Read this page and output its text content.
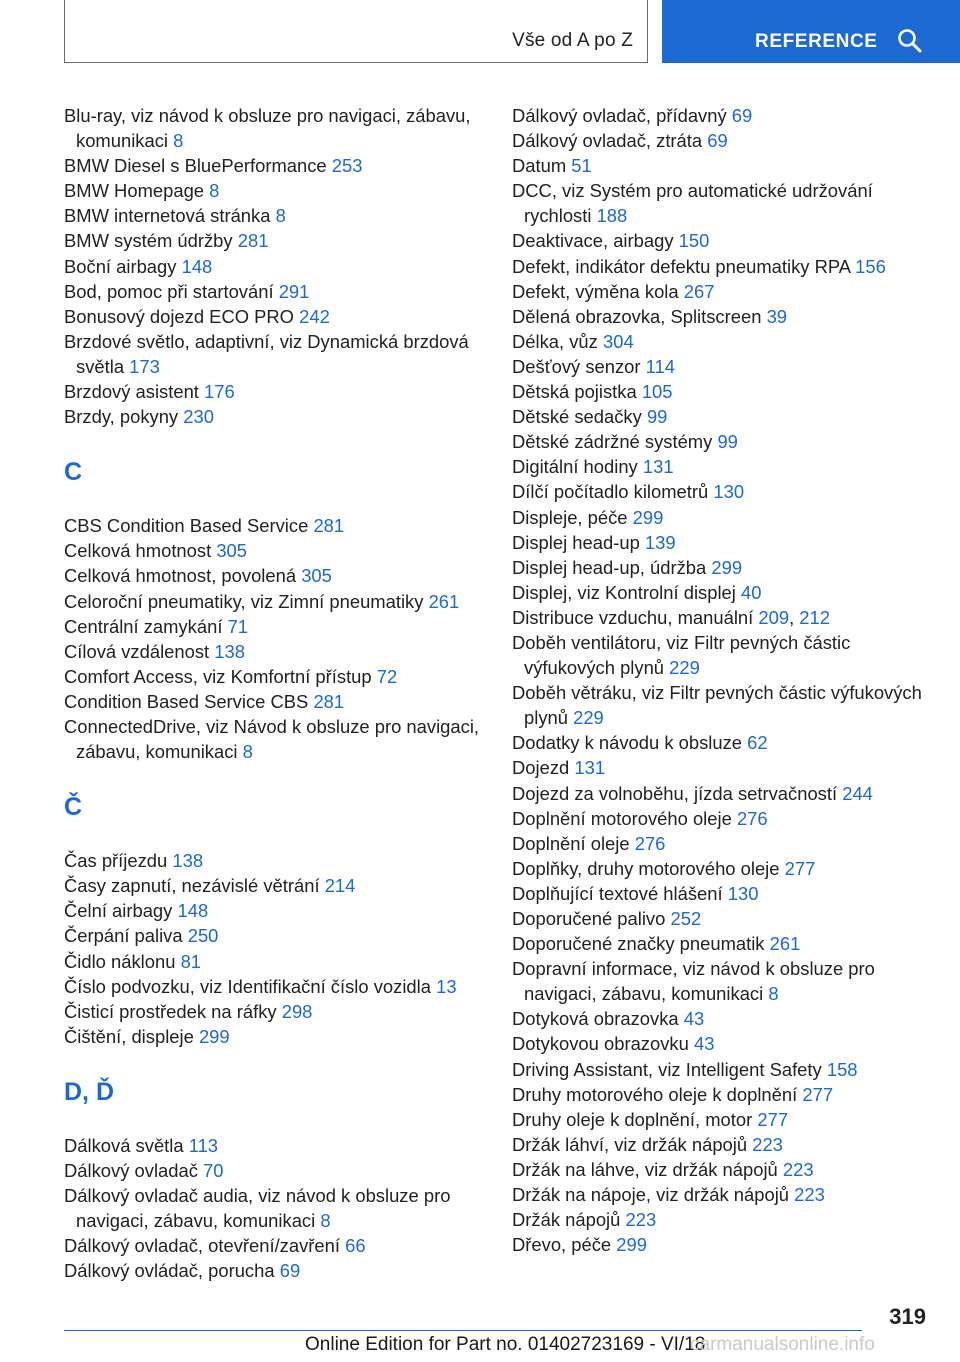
Vše od A po Z	REFERENCE
Blu-ray, viz návod k obsluze pro navigaci, zábavu, komunikaci 8
BMW Diesel s BluePerformance 253
BMW Homepage 8
BMW internetová stránka 8
BMW systém údržby 281
Boční airbagy 148
Bod, pomoc při startování 291
Bonusový dojezd ECO PRO 242
Brzdové světlo, adaptivní, viz Dynamická brzdová světla 173
Brzdový asistent 176
Brzdy, pokyny 230
C
CBS Condition Based Service 281
Celková hmotnost 305
Celková hmotnost, povolená 305
Celoroční pneumatiky, viz Zimní pneumatiky 261
Centrální zamykání 71
Cílová vzdálenost 138
Comfort Access, viz Komfortní přístup 72
Condition Based Service CBS 281
ConnectedDrive, viz Návod k obsluze pro navigaci, zábavu, komunikaci 8
Č
Čas příjezdu 138
Časy zapnutí, nezávislé větrání 214
Čelní airbagy 148
Čerpání paliva 250
Čidlo náklonu 81
Číslo podvozku, viz Identifikační číslo vozidla 13
Čisticí prostředek na ráfky 298
Čištění, displeje 299
D, Ď
Dálková světla 113
Dálkový ovladač 70
Dálkový ovladač audia, viz návod k obsluze pro navigaci, zábavu, komunikaci 8
Dálkový ovladač, otevření/zavření 66
Dálkový ovládač, porucha 69
Dálkový ovladač, přídavný 69
Dálkový ovladač, ztráta 69
Datum 51
DCC, viz Systém pro automatické udržování rychlosti 188
Deaktivace, airbagy 150
Defekt, indikátor defektu pneumatiky RPA 156
Defekt, výměna kola 267
Dělená obrazovka, Splitscreen 39
Délka, vůz 304
Dešťový senzor 114
Dětská pojistka 105
Dětské sedačky 99
Dětské zádržné systémy 99
Digitální hodiny 131
Dílčí počítadlo kilometrů 130
Displeje, péče 299
Displej head-up 139
Displej head-up, údržba 299
Displej, viz Kontrolní displej 40
Distribuce vzduchu, manuální 209, 212
Doběh ventilátoru, viz Filtr pevných částic výfukových plynů 229
Doběh větráku, viz Filtr pevných částic výfukových plynů 229
Dodatky k návodu k obsluze 62
Dojezd 131
Dojezd za volnoběhu, jízda setrvačností 244
Doplnění motorového oleje 276
Doplnění oleje 276
Doplňky, druhy motorového oleje 277
Doplňující textové hlášení 130
Doporučené palivo 252
Doporučené značky pneumatik 261
Dopravní informace, viz návod k obsluze pro navigaci, zábavu, komunikaci 8
Dotyková obrazovka 43
Dotykovou obrazovku 43
Driving Assistant, viz Intelligent Safety 158
Druhy motorového oleje k doplnění 277
Druhy oleje k doplnění, motor 277
Držák láhví, viz držák nápojů 223
Držák na láhve, viz držák nápojů 223
Držák na nápoje, viz držák nápojů 223
Držák nápojů 223
Dřevo, péče 299
319
Online Edition for Part no. 01402723169 - VI/18
carmanualsonline.info
